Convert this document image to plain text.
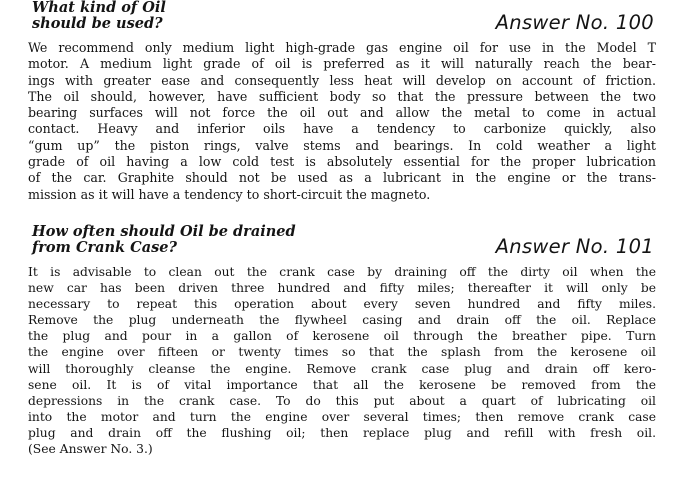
What kind of Oil
should be used?	Answer No. 100
We recommend only medium light high-grade gas engine oil for use in the Model T
motor. A medium light grade of oil is preferred as it will naturally reach the bear-
ings with greater ease and consequently less heat will develop on account of friction.
The oil should, however, have sufficient body so that the pressure between the two
bearing surfaces will not force the oil out and allow the metal to come in actual
contact. Heavy and inferior oils have a tendency to carbonize quickly, also
“gum up” the piston rings, valve stems and bearings. In cold weather a light
grade of oil having a low cold test is absolutely essential for the proper lubrication
of the car. Graphite should not be used as a lubricant in the engine or the trans-
mission as it will have a tendency to short-circuit the magneto.
How often should Oil be drained
from Crank Case?	Answer No. 101
It is advisable to clean out the crank case by draining off the dirty oil when the
new car has been driven three hundred and fifty miles; thereafter it will only be
necessary to repeat this operation about every seven hundred and fifty miles.
Remove the plug underneath the flywheel casing and drain off the oil. Replace
the plug and pour in a gallon of kerosene oil through the breather pipe. Turn
the engine over fifteen or twenty times so that the splash from the kerosene oil
will thoroughly cleanse the engine. Remove crank case plug and drain off kero-
sene oil. It is of vital importance that all the kerosene be removed from the
depressions in the crank case. To do this put about a quart of lubricating oil
into the motor and turn the engine over several times; then remove crank case
plug and drain off the flushing oil; then replace plug and refill with fresh oil.
(See Answer No. 3.)
